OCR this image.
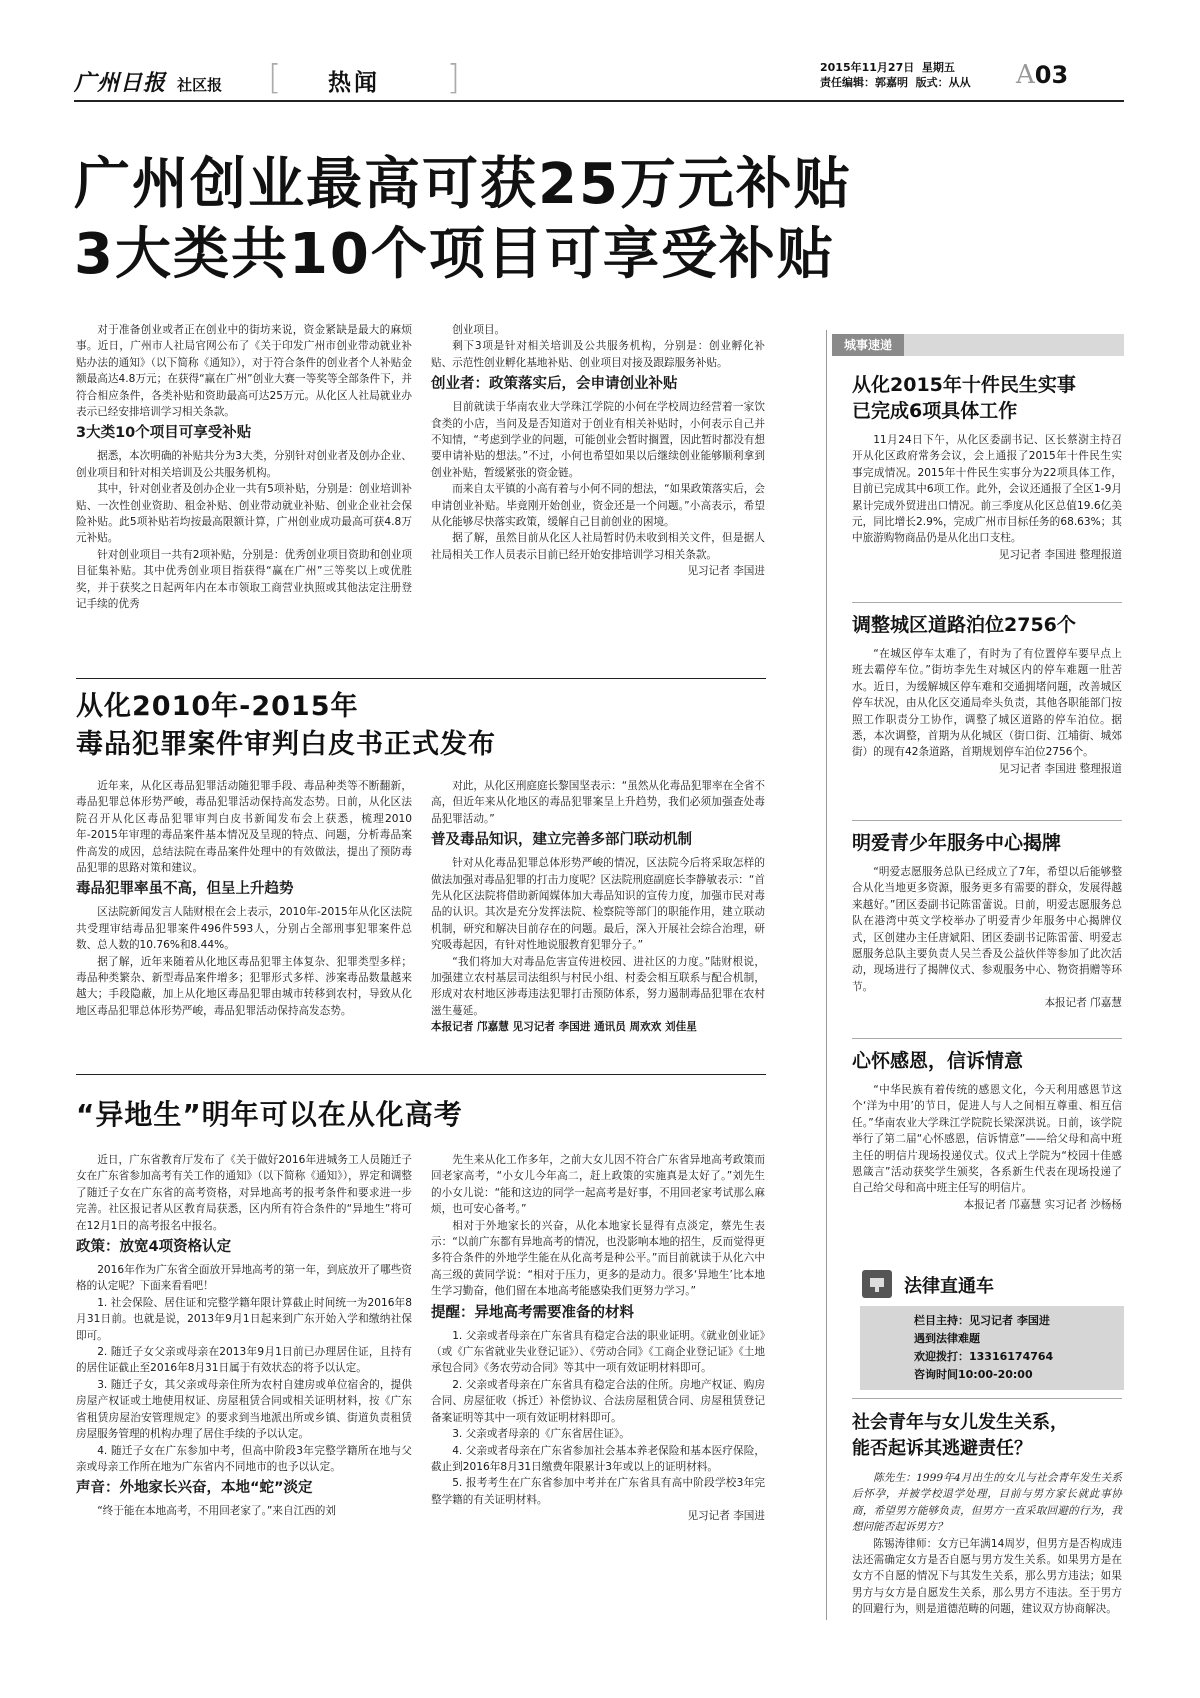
广州日报 社区报 [ 热闻 ]	2015年11月27日 星期五
责任编辑：郭嘉明 版式：从从	A03
广州创业最高可获25万元补贴
3大类共10个项目可享受补贴

对于准备创业或者正在创业中的街坊来说，资金紧缺是最大的麻烦事。近日，广州市人社局官网公布了《关于印发广州市创业带动就业补贴办法的通知》（以下简称《通知》），对于符合条件的创业者个人补贴金额最高达4.8万元；在获得“赢在广州”创业大赛一等奖等全部条件下，并符合相应条件，各类补贴和资助最高可达25万元。从化区人社局就业办表示已经安排培训学习相关条款。

3大类10个项目可享受补贴

据悉，本次明确的补贴共分为3大类，分别针对创业者及创办企业、创业项目和针对相关培训及公共服务机构。

其中，针对创业者及创办企业一共有5项补贴，分别是：创业培训补贴、一次性创业资助、租金补贴、创业带动就业补贴、创业企业社会保险补贴。此5项补贴若均按最高限额计算，广州创业成功最高可获4.8万元补贴。

针对创业项目一共有2项补贴，分别是：优秀创业项目资助和创业项目征集补贴。其中优秀创业项目指获得“赢在广州”三等奖以上或优胜奖，并于获奖之日起两年内在本市领取工商营业执照或其他法定注册登记手续的优秀

创业项目。

剩下3项是针对相关培训及公共服务机构，分别是：创业孵化补贴、示范性创业孵化基地补贴、创业项目对接及跟踪服务补贴。

创业者：政策落实后，会申请创业补贴

目前就读于华南农业大学珠江学院的小何在学校周边经营着一家饮食类的小店，当问及是否知道对于创业有相关补贴时，小何表示自己并不知情，“考虑到学业的问题，可能创业会暂时搁置，因此暂时都没有想要申请补贴的想法。”不过，小何也希望如果以后继续创业能够顺利拿到创业补贴，暂缓紧张的资金链。

而来自太平镇的小高有着与小何不同的想法，“如果政策落实后，会申请创业补贴。毕竟刚开始创业，资金还是一个问题。”小高表示，希望从化能够尽快落实政策，缓解自己目前创业的困境。

据了解，虽然目前从化区人社局暂时仍未收到相关文件，但是据人社局相关工作人员表示目前已经开始安排培训学习相关条款。

见习记者 李国进
从化2010年-2015年
毒品犯罪案件审判白皮书正式发布

近年来，从化区毒品犯罪活动随犯罪手段、毒品种类等不断翻新，毒品犯罪总体形势严峻，毒品犯罪活动保持高发态势。日前，从化区法院召开从化区毒品犯罪审判白皮书新闻发布会上获悉，梳理2010年-2015年审理的毒品案件基本情况及呈现的特点、问题，分析毒品案件高发的成因，总结法院在毒品案件处理中的有效做法，提出了预防毒品犯罪的思路对策和建议。

毒品犯罪率虽不高，但呈上升趋势

区法院新闻发言人陆财根在会上表示，2010年-2015年从化区法院共受理审结毒品犯罪案件496件593人，分别占全部刑事犯罪案件总数、总人数的10.76%和8.44%。

据了解，近年来随着从化地区毒品犯罪主体复杂、犯罪类型多样；毒品种类繁杂、新型毒品案件增多；犯罪形式多样、涉案毒品数量越来越大；手段隐蔽，加上从化地区毒品犯罪由城市转移到农村，导致从化地区毒品犯罪总体形势严峻，毒品犯罪活动保持高发态势。

对此，从化区刑庭庭长黎国坚表示：“虽然从化毒品犯罪率在全省不高，但近年来从化地区的毒品犯罪案呈上升趋势，我们必须加强查处毒品犯罪活动。”

普及毒品知识，建立完善多部门联动机制

针对从化毒品犯罪总体形势严峻的情况，区法院今后将采取怎样的做法加强对毒品犯罪的打击力度呢？区法院刑庭副庭长李静敏表示：“首先从化区法院将借助新闻媒体加大毒品知识的宣传力度，加强市民对毒品的认识。其次是充分发挥法院、检察院等部门的职能作用，建立联动机制，研究和解决目前存在的问题。最后，深入开展社会综合治理，研究吸毒起因，有针对性地说服教育犯罪分子。”

“我们将加大对毒品危害宣传进校园、进社区的力度。”陆财根说，加强建立农村基层司法组织与村民小组、村委会相互联系与配合机制，形成对农村地区涉毒违法犯罪打击预防体系，努力遏制毒品犯罪在农村滋生蔓延。

本报记者 邝嘉慧 见习记者 李国进 通讯员 周欢欢 刘佳星
“异地生”明年可以在从化高考

近日，广东省教育厅发布了《关于做好2016年进城务工人员随迁子女在广东省参加高考有关工作的通知》（以下简称《通知》），界定和调整了随迁子女在广东省的高考资格，对异地高考的报考条件和要求进一步完善。社区报记者从区教育局获悉，区内所有符合条件的“异地生”将可在12月1日的高考报名中报名。

政策：放宽4项资格认定

2016年作为广东省全面放开异地高考的第一年，到底放开了哪些资格的认定呢？下面来看看吧！

1. 社会保险、居住证和完整学籍年限计算截止时间统一为2016年8月31日前。也就是说，2013年9月1日起来到广东开始入学和缴纳社保即可。

2. 随迁子女父亲或母亲在2013年9月1日前已办理居住证，且持有的居住证截止至2016年8月31日属于有效状态的将予以认定。

3. 随迁子女，其父亲或母亲住所为农村自建房或单位宿舍的，提供房屋产权证或土地使用权证、房屋租赁合同或相关证明材料，按《广东省租赁房屋治安管理规定》的要求到当地派出所或乡镇、街道负责租赁房屋服务管理的机构办理了居住手续的予以认定。

4. 随迁子女在广东参加中考，但高中阶段3年完整学籍所在地与父亲或母亲工作所在地为广东省内不同地市的也予以认定。

声音：外地家长兴奋，本地“蛇”淡定

“终于能在本地高考，不用回老家了。”来自江西的刘

先生来从化工作多年，之前大女儿因不符合广东省异地高考政策而回老家高考，“小女儿今年高二，赶上政策的实施真是太好了。”刘先生的小女儿说：“能和这边的同学一起高考是好事，不用回老家考试那么麻烦，也可安心备考。”

相对于外地家长的兴奋，从化本地家长显得有点淡定，蔡先生表示：“以前广东都有异地高考的情况，也没影响本地的招生，反而觉得更多符合条件的外地学生能在从化高考是种公平。”而目前就读于从化六中高三级的黄同学说：“相对于压力，更多的是动力。很多‘异地生’比本地生学习勤奋，他们留在本地高考能感染我们更努力学习。”

提醒：异地高考需要准备的材料

1. 父亲或者母亲在广东省具有稳定合法的职业证明。《就业创业证》（或《广东省就业失业登记证》）、《劳动合同》《工商企业登记证》《土地承包合同》《务农劳动合同》等其中一项有效证明材料即可。

2. 父亲或者母亲在广东省具有稳定合法的住所。房地产权证、购房合同、房屋征收（拆迁）补偿协议、合法房屋租赁合同、房屋租赁登记备案证明等其中一项有效证明材料即可。

3. 父亲或者母亲的《广东省居住证》。

4. 父亲或者母亲在广东省参加社会基本养老保险和基本医疗保险，截止到2016年8月31日缴费年限累计3年或以上的证明材料。

5. 报考考生在广东省参加中考并在广东省具有高中阶段学校3年完整学籍的有关证明材料。

见习记者 李国进
城事速递
从化2015年十件民生实事
已完成6项具体工作

11月24日下午，从化区委副书记、区长蔡澍主持召开从化区政府常务会议，会上通报了2015年十件民生实事完成情况。2015年十件民生实事分为22项具体工作，目前已完成其中6项工作。此外，会议还通报了全区1-9月累计完成外贸进出口情况。前三季度从化区总值19.6亿美元，同比增长2.9%，完成广州市目标任务的68.63%；其中旅游购物商品仍是从化出口支柱。

见习记者 李国进 整理报道
调整城区道路泊位2756个

“在城区停车太难了，有时为了有位置停车要早点上班去霸停车位。”街坊李先生对城区内的停车难题一肚苦水。近日，为缓解城区停车难和交通拥堵问题，改善城区停车状况，由从化区交通局牵头负责，其他各职能部门按照工作职责分工协作，调整了城区道路的停车泊位。据悉，本次调整，首期为从化城区（街口街、江埔街、城郊街）的现有42条道路，首期规划停车泊位2756个。

见习记者 李国进 整理报道
明爱青少年服务中心揭牌

“明爱志愿服务总队已经成立了7年，希望以后能够整合从化当地更多资源，服务更多有需要的群众，发展得越来越好。”团区委副书记陈雷蕾说。日前，明爱志愿服务总队在港湾中英文学校举办了明爱青少年服务中心揭牌仪式，区创建办主任唐斌阳、团区委副书记陈雷蕾、明爱志愿服务总队主要负责人吴兰香及公益伙伴等参加了此次活动，现场进行了揭牌仪式、参观服务中心、物资捐赠等环节。

本报记者 邝嘉慧
心怀感恩，信诉情意

“中华民族有着传统的感恩文化，今天利用感恩节这个‘洋为中用’的节日，促进人与人之间相互尊重、相互信任。”华南农业大学珠江学院院长梁深洪说。日前，该学院举行了第二届“心怀感恩，信诉情意”——给父母和高中班主任的明信片现场投递仪式。仪式上学院为“校园十佳感恩箴言”活动获奖学生颁奖，各系新生代表在现场投递了自己给父母和高中班主任写的明信片。

本报记者 邝嘉慧 实习记者 沙杨杨
法律直通车
栏目主持：见习记者 李国进
遇到法律难题
欢迎拨打：13316174764
咨询时间10:00-20:00
社会青年与女儿发生关系，
能否起诉其逃避责任？

陈先生：1999年4月出生的女儿与社会青年发生关系后怀孕，并被学校退学处理，目前与男方家长就此事协商，希望男方能够负责，但男方一直采取回避的行为，我想问能否起诉男方？

陈锡涛律师：女方已年满14周岁，但男方是否构成违法还需确定女方是否自愿与男方发生关系。如果男方是在女方不自愿的情况下与其发生关系，那么男方违法；如果男方与女方是自愿发生关系，那么男方不违法。至于男方的回避行为，则是道德范畴的问题，建议双方协商解决。
